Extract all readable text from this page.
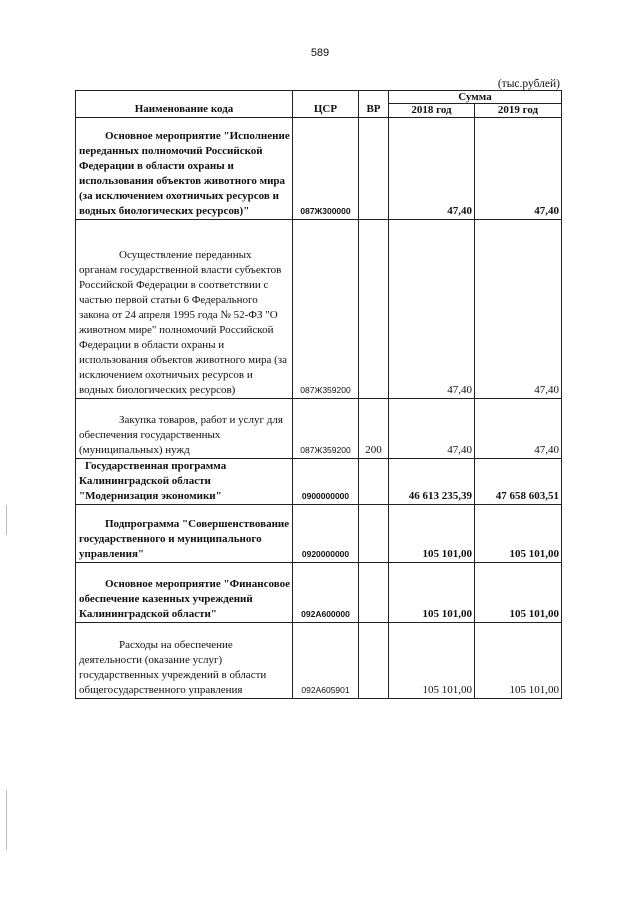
589
(тыс.рублей)
Наименование кода	ЦСР	ВР	Сумма	
			2018 год	2019 год
Основное мероприятие "Исполнение переданных полномочий Российской Федерации в области охраны и использования объектов животного мира (за исключением охотничьих ресурсов и водных биологических ресурсов)"	087Ж300000		47,40	47,40
Осуществление переданных органам государственной власти субъектов Российской Федерации в соответствии с частью первой статьи 6 Федерального закона от 24 апреля 1995 года № 52-ФЗ "О животном мире" полномочий Российской Федерации в области охраны и использования объектов животного мира (за исключением охотничьих ресурсов и водных биологических ресурсов)	087Ж359200		47,40	47,40
Закупка товаров, работ и услуг для обеспечения государственных (муниципальных) нужд	087Ж359200	200	47,40	47,40
Государственная программа Калининградской области "Модернизация экономики"	0900000000		46 613 235,39	47 658 603,51
Подпрограмма "Совершенствование государственного и муниципального управления"	0920000000		105 101,00	105 101,00
Основное мероприятие "Финансовое обеспечение казенных учреждений Калининградской области"	092А600000		105 101,00	105 101,00
Расходы на обеспечение деятельности (оказание услуг) государственных учреждений в области общегосударственного управления	092А605901		105 101,00	105 101,00
